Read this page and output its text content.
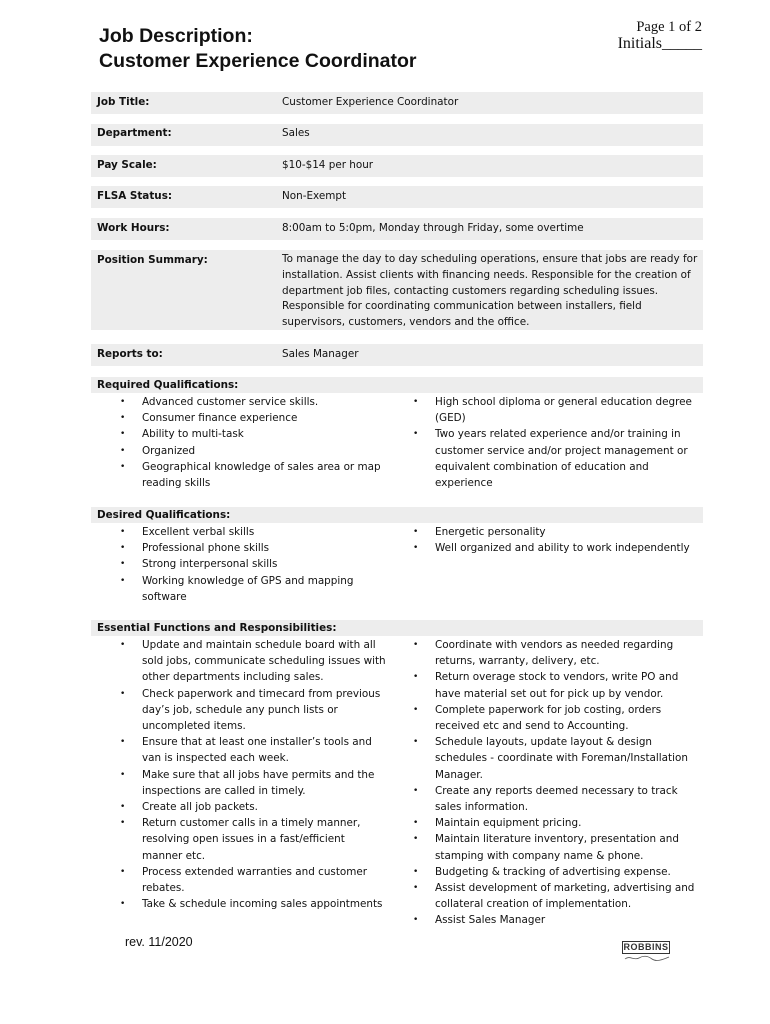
Job Description:
Customer Experience Coordinator
Page 1 of 2
Initials_____
Job Title:	Customer Experience Coordinator
Department:	Sales
Pay Scale:	$10-$14 per hour
FLSA Status:	Non-Exempt
Work Hours:	8:00am to 5:0pm, Monday through Friday, some overtime
Position Summary:	To manage the day to day scheduling operations, ensure that jobs are ready for installation. Assist clients with financing needs. Responsible for the creation of department job files, contacting customers regarding scheduling issues. Responsible for coordinating communication between installers, field supervisors, customers, vendors and the office.
Reports to:	Sales Manager
Required Qualifications:
• Advanced customer service skills.
• Consumer finance experience
• Ability to multi-task
• Organized
• Geographical knowledge of sales area or map reading skills
• High school diploma or general education degree (GED)
• Two years related experience and/or training in customer service and/or project management or equivalent combination of education and experience
Desired Qualifications:
• Excellent verbal skills
• Professional phone skills
• Strong interpersonal skills
• Working knowledge of GPS and mapping software
• Energetic personality
• Well organized and ability to work independently
Essential Functions and Responsibilities:
• Update and maintain schedule board with all sold jobs, communicate scheduling issues with other departments including sales.
• Check paperwork and timecard from previous day’s job, schedule any punch lists or uncompleted items.
• Ensure that at least one installer’s tools and van is inspected each week.
• Make sure that all jobs have permits and the inspections are called in timely.
• Create all job packets.
• Return customer calls in a timely manner, resolving open issues in a fast/efficient manner etc.
• Process extended warranties and customer rebates.
• Take & schedule incoming sales appointments
• Coordinate with vendors as needed regarding returns, warranty, delivery, etc.
• Return overage stock to vendors, write PO and have material set out for pick up by vendor.
• Complete paperwork for job costing, orders received etc and send to Accounting.
• Schedule layouts, update layout & design schedules - coordinate with Foreman/Installation Manager.
• Create any reports deemed necessary to track sales information.
• Maintain equipment pricing.
• Maintain literature inventory, presentation and stamping with company name & phone.
• Budgeting & tracking of advertising expense.
• Assist development of marketing, advertising and collateral creation of implementation.
• Assist Sales Manager
rev. 11/2020	ROBBINS
